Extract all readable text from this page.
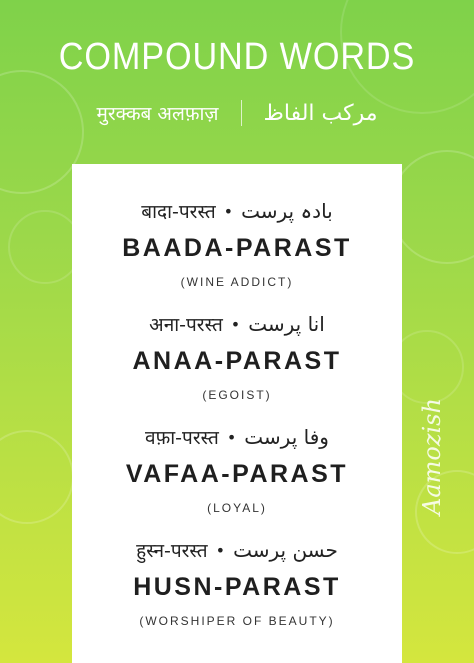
COMPOUND WORDS
मुरक्कब अलफ़ाज़ مرکب الفاظ
बादा-परस्त • بادہ پرست
BAADA-PARAST
(WINE ADDICT)
अना-परस्त • انا پرست
ANAA-PARAST
(EGOIST)
वफ़ा-परस्त • وفا پرست
VAFAA-PARAST
(LOYAL)
हुस्न-परस्त • حسن پرست
HUSN-PARAST
(WORSHIPER OF BEAUTY)
Aamozish
